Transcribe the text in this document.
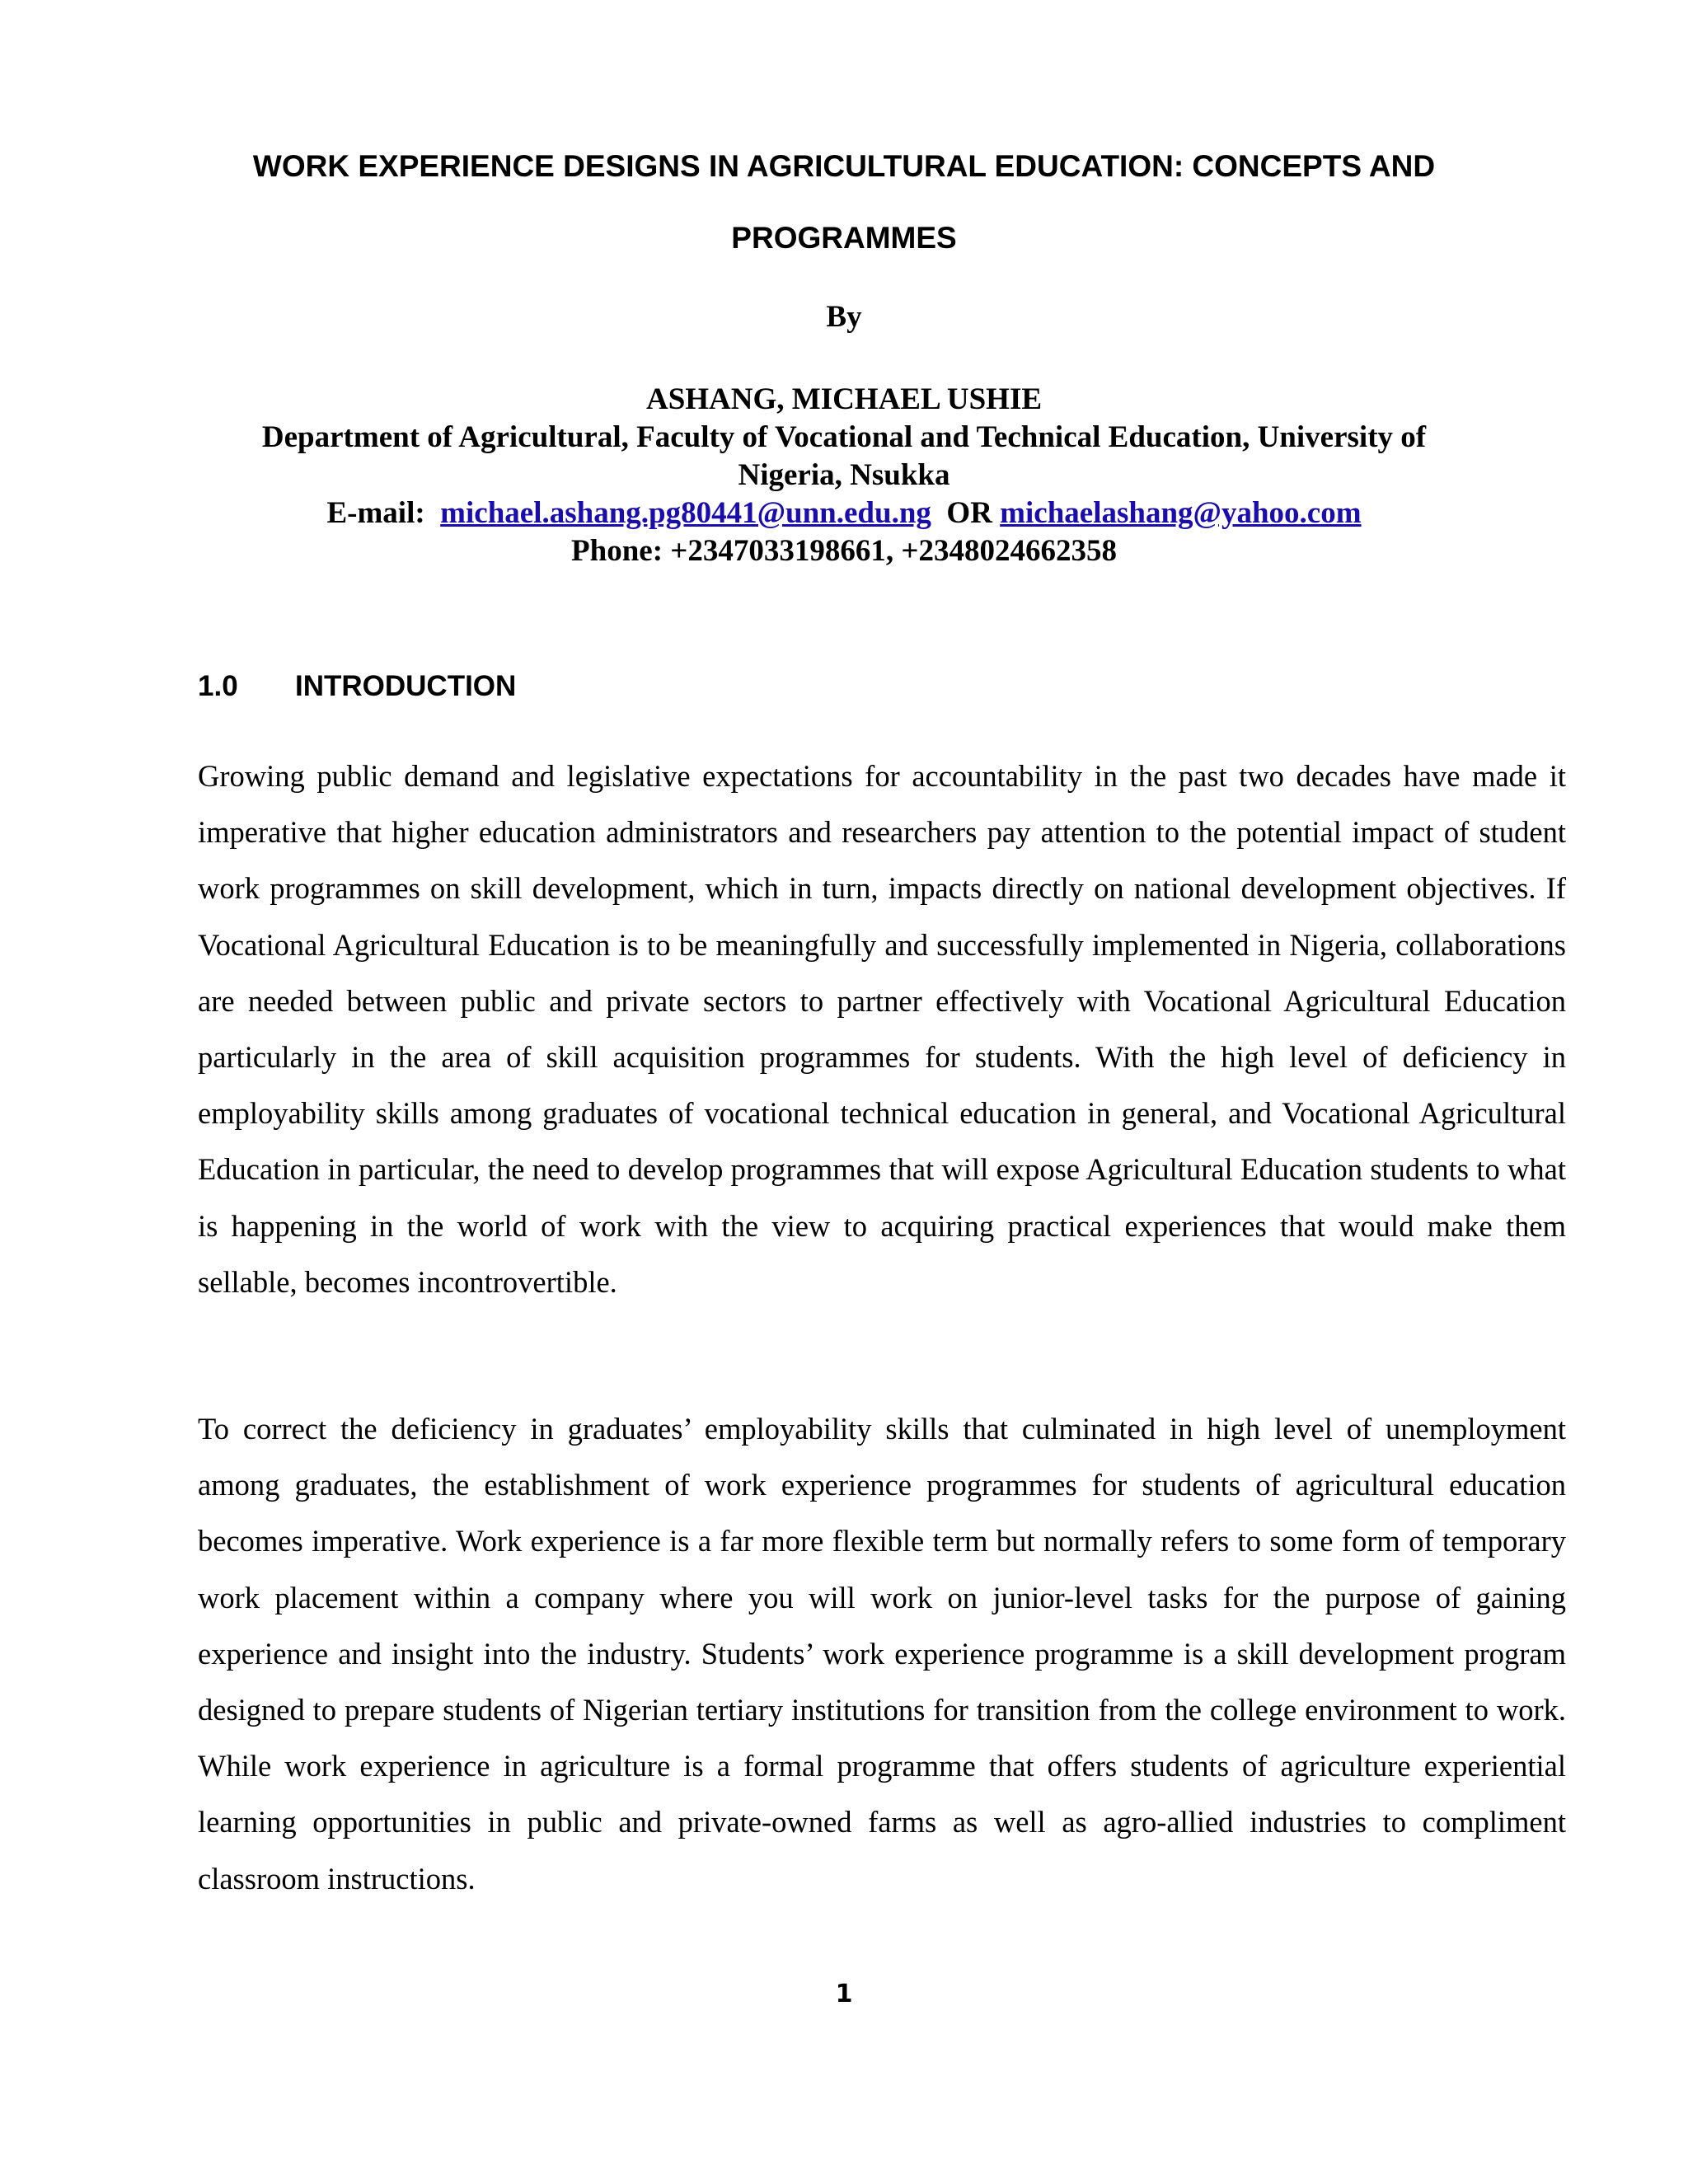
WORK EXPERIENCE DESIGNS IN AGRICULTURAL EDUCATION: CONCEPTS AND PROGRAMMES
By
ASHANG, MICHAEL USHIE
Department of Agricultural, Faculty of Vocational and Technical Education, University of Nigeria, Nsukka
E-mail: michael.ashang.pg80441@unn.edu.ng OR michaelashang@yahoo.com
Phone: +2347033198661, +2348024662358
1.0 INTRODUCTION

Growing public demand and legislative expectations for accountability in the past two decades have made it imperative that higher education administrators and researchers pay attention to the potential impact of student work programmes on skill development, which in turn, impacts directly on national development objectives. If Vocational Agricultural Education is to be meaningfully and successfully implemented in Nigeria, collaborations are needed between public and private sectors to partner effectively with Vocational Agricultural Education particularly in the area of skill acquisition programmes for students. With the high level of deficiency in employability skills among graduates of vocational technical education in general, and Vocational Agricultural Education in particular, the need to develop programmes that will expose Agricultural Education students to what is happening in the world of work with the view to acquiring practical experiences that would make them sellable, becomes incontrovertible.

To correct the deficiency in graduates’ employability skills that culminated in high level of unemployment among graduates, the establishment of work experience programmes for students of agricultural education becomes imperative. Work experience is a far more flexible term but normally refers to some form of temporary work placement within a company where you will work on junior-level tasks for the purpose of gaining experience and insight into the industry. Students’ work experience programme is a skill development program designed to prepare students of Nigerian tertiary institutions for transition from the college environment to work. While work experience in agriculture is a formal programme that offers students of agriculture experiential learning opportunities in public and private-owned farms as well as agro-allied industries to compliment classroom instructions.

1
